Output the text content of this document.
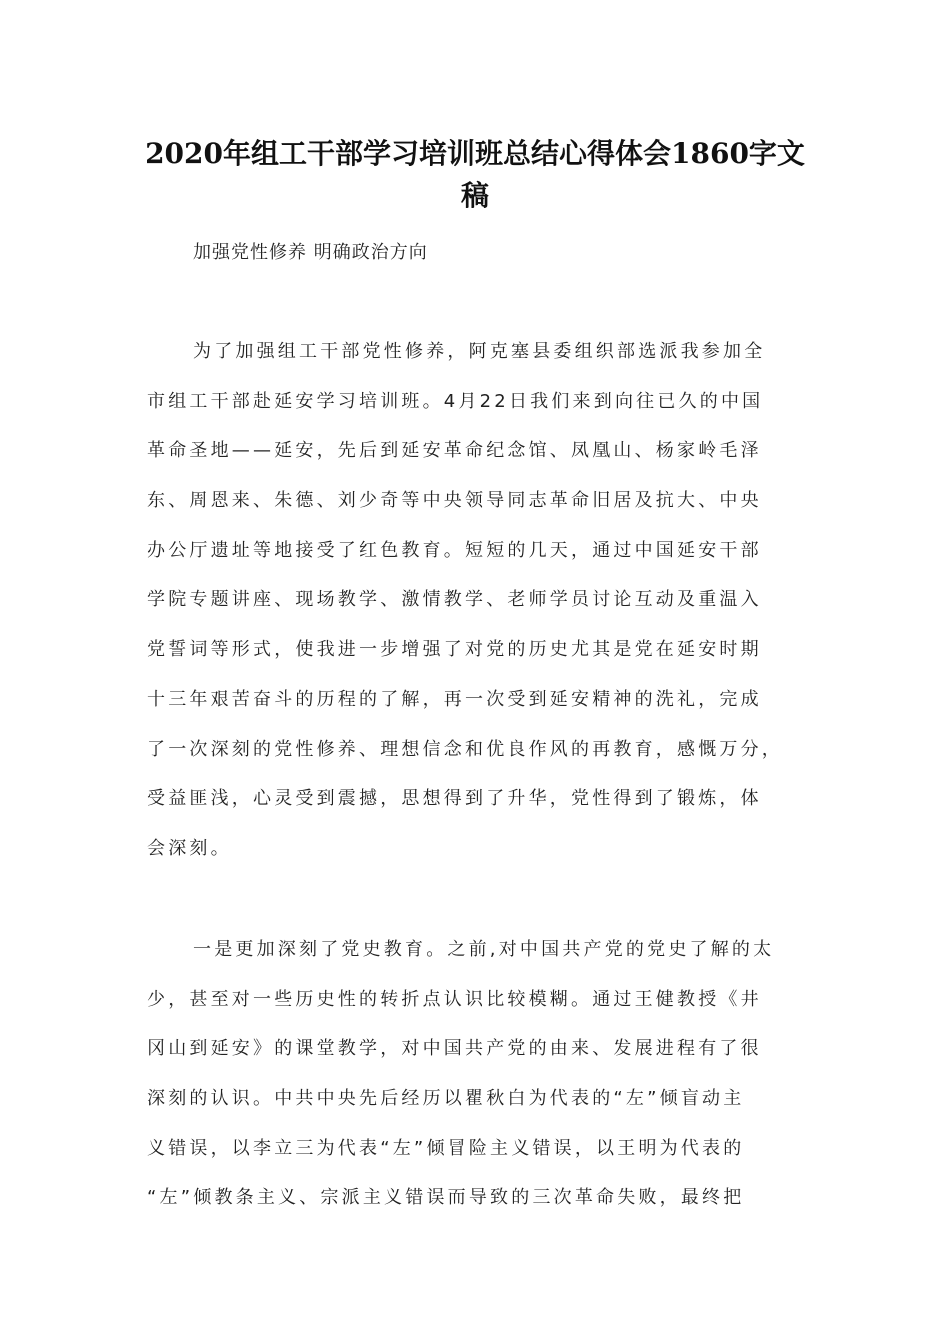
2020年组工干部学习培训班总结心得体会1860字文
稿
加强党性修养 明确政治方向
为了加强组工干部党性修养，阿克塞县委组织部选派我参加全
市组工干部赴延安学习培训班。4月22日我们来到向往已久的中国
革命圣地——延安，先后到延安革命纪念馆、凤凰山、杨家岭毛泽
东、周恩来、朱德、刘少奇等中央领导同志革命旧居及抗大、中央
办公厅遗址等地接受了红色教育。短短的几天，通过中国延安干部
学院专题讲座、现场教学、激情教学、老师学员讨论互动及重温入
党誓词等形式，使我进一步增强了对党的历史尤其是党在延安时期
十三年艰苦奋斗的历程的了解，再一次受到延安精神的洗礼，完成
了一次深刻的党性修养、理想信念和优良作风的再教育，感慨万分，
受益匪浅，心灵受到震撼，思想得到了升华，党性得到了锻炼，体
会深刻。
一是更加深刻了党史教育。之前,对中国共产党的党史了解的太
少，甚至对一些历史性的转折点认识比较模糊。通过王健教授《井
冈山到延安》的课堂教学，对中国共产党的由来、发展进程有了很
深刻的认识。中共中央先后经历以瞿秋白为代表的“左”倾盲动主
义错误，以李立三为代表“左”倾冒险主义错误，以王明为代表的
“左”倾教条主义、宗派主义错误而导致的三次革命失败，最终把
